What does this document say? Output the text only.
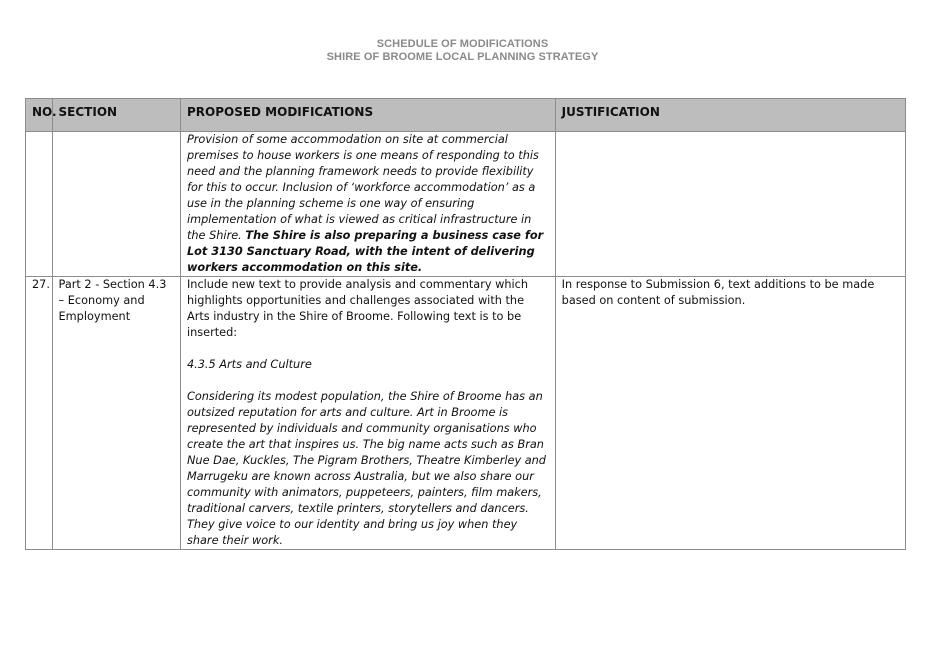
SCHEDULE OF MODIFICATIONS
SHIRE OF BROOME LOCAL PLANNING STRATEGY
NO.	SECTION	PROPOSED MODIFICATIONS	JUSTIFICATION

		Provision of some accommodation on site at commercial premises to house workers is one means of responding to this need and the planning framework needs to provide flexibility for this to occur. Inclusion of ‘workforce accommodation’ as a use in the planning scheme is one way of ensuring implementation of what is viewed as critical infrastructure in the Shire. The Shire is also preparing a business case for Lot 3130 Sanctuary Road, with the intent of delivering workers accommodation on this site.	

27.	Part 2 - Section 4.3 – Economy and Employment	Include new text to provide analysis and commentary which highlights opportunities and challenges associated with the Arts industry in the Shire of Broome. Following text is to be inserted:

4.3.5 Arts and Culture

Considering its modest population, the Shire of Broome has an outsized reputation for arts and culture. Art in Broome is represented by individuals and community organisations who create the art that inspires us. The big name acts such as Bran Nue Dae, Kuckles, The Pigram Brothers, Theatre Kimberley and Marrugeku are known across Australia, but we also share our community with animators, puppeteers, painters, film makers, traditional carvers, textile printers, storytellers and dancers. They give voice to our identity and bring us joy when they share their work.	In response to Submission 6, text additions to be made based on content of submission.
